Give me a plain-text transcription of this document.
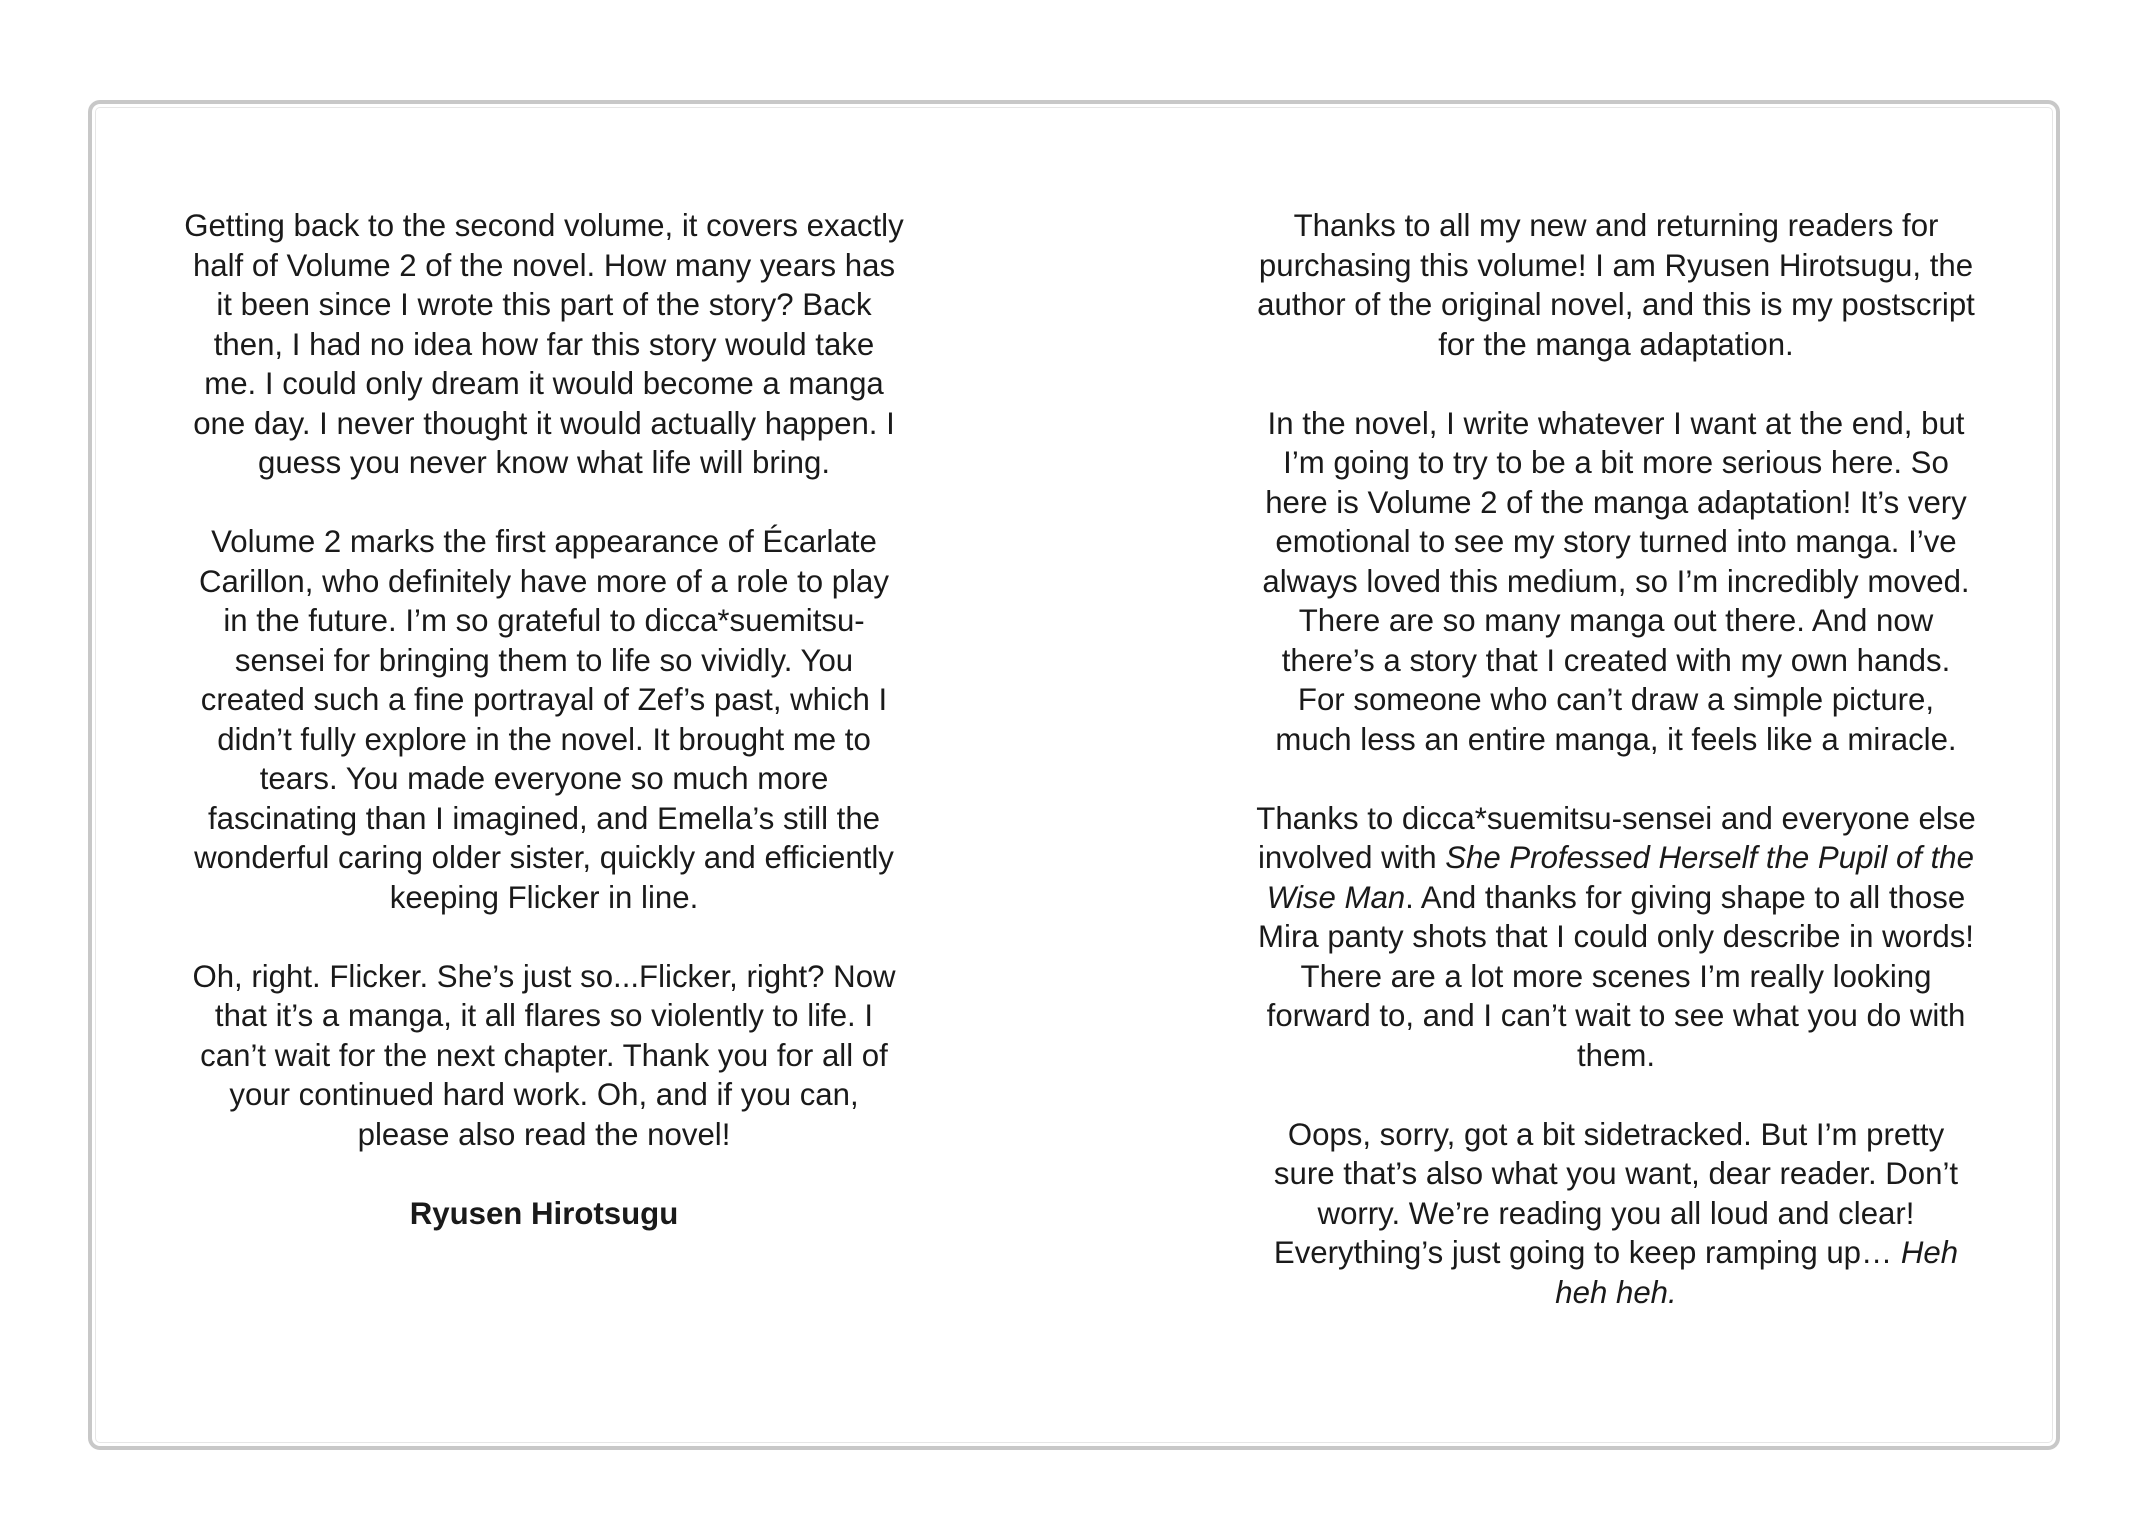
Getting back to the second volume, it covers exactly half of Volume 2 of the novel. How many years has it been since I wrote this part of the story? Back then, I had no idea how far this story would take me. I could only dream it would become a manga one day. I never thought it would actually happen. I guess you never know what life will bring.

Volume 2 marks the first appearance of Écarlate Carillon, who definitely have more of a role to play in the future. I’m so grateful to dicca*suemitsu-sensei for bringing them to life so vividly. You created such a fine portrayal of Zef’s past, which I didn’t fully explore in the novel. It brought me to tears. You made everyone so much more fascinating than I imagined, and Emella’s still the wonderful caring older sister, quickly and efficiently keeping Flicker in line.

Oh, right. Flicker. She’s just so...Flicker, right? Now that it’s a manga, it all flares so violently to life. I can’t wait for the next chapter. Thank you for all of your continued hard work. Oh, and if you can, please also read the novel!

Ryusen Hirotsugu

Thanks to all my new and returning readers for purchasing this volume! I am Ryusen Hirotsugu, the author of the original novel, and this is my postscript for the manga adaptation.

In the novel, I write whatever I want at the end, but I’m going to try to be a bit more serious here. So here is Volume 2 of the manga adaptation! It’s very emotional to see my story turned into manga. I’ve always loved this medium, so I’m incredibly moved. There are so many manga out there. And now there’s a story that I created with my own hands. For someone who can’t draw a simple picture, much less an entire manga, it feels like a miracle.

Thanks to dicca*suemitsu-sensei and everyone else involved with She Professed Herself the Pupil of the Wise Man. And thanks for giving shape to all those Mira panty shots that I could only describe in words! There are a lot more scenes I’m really looking forward to, and I can’t wait to see what you do with them.

Oops, sorry, got a bit sidetracked. But I’m pretty sure that’s also what you want, dear reader. Don’t worry. We’re reading you all loud and clear! Everything’s just going to keep ramping up… Heh heh heh.
